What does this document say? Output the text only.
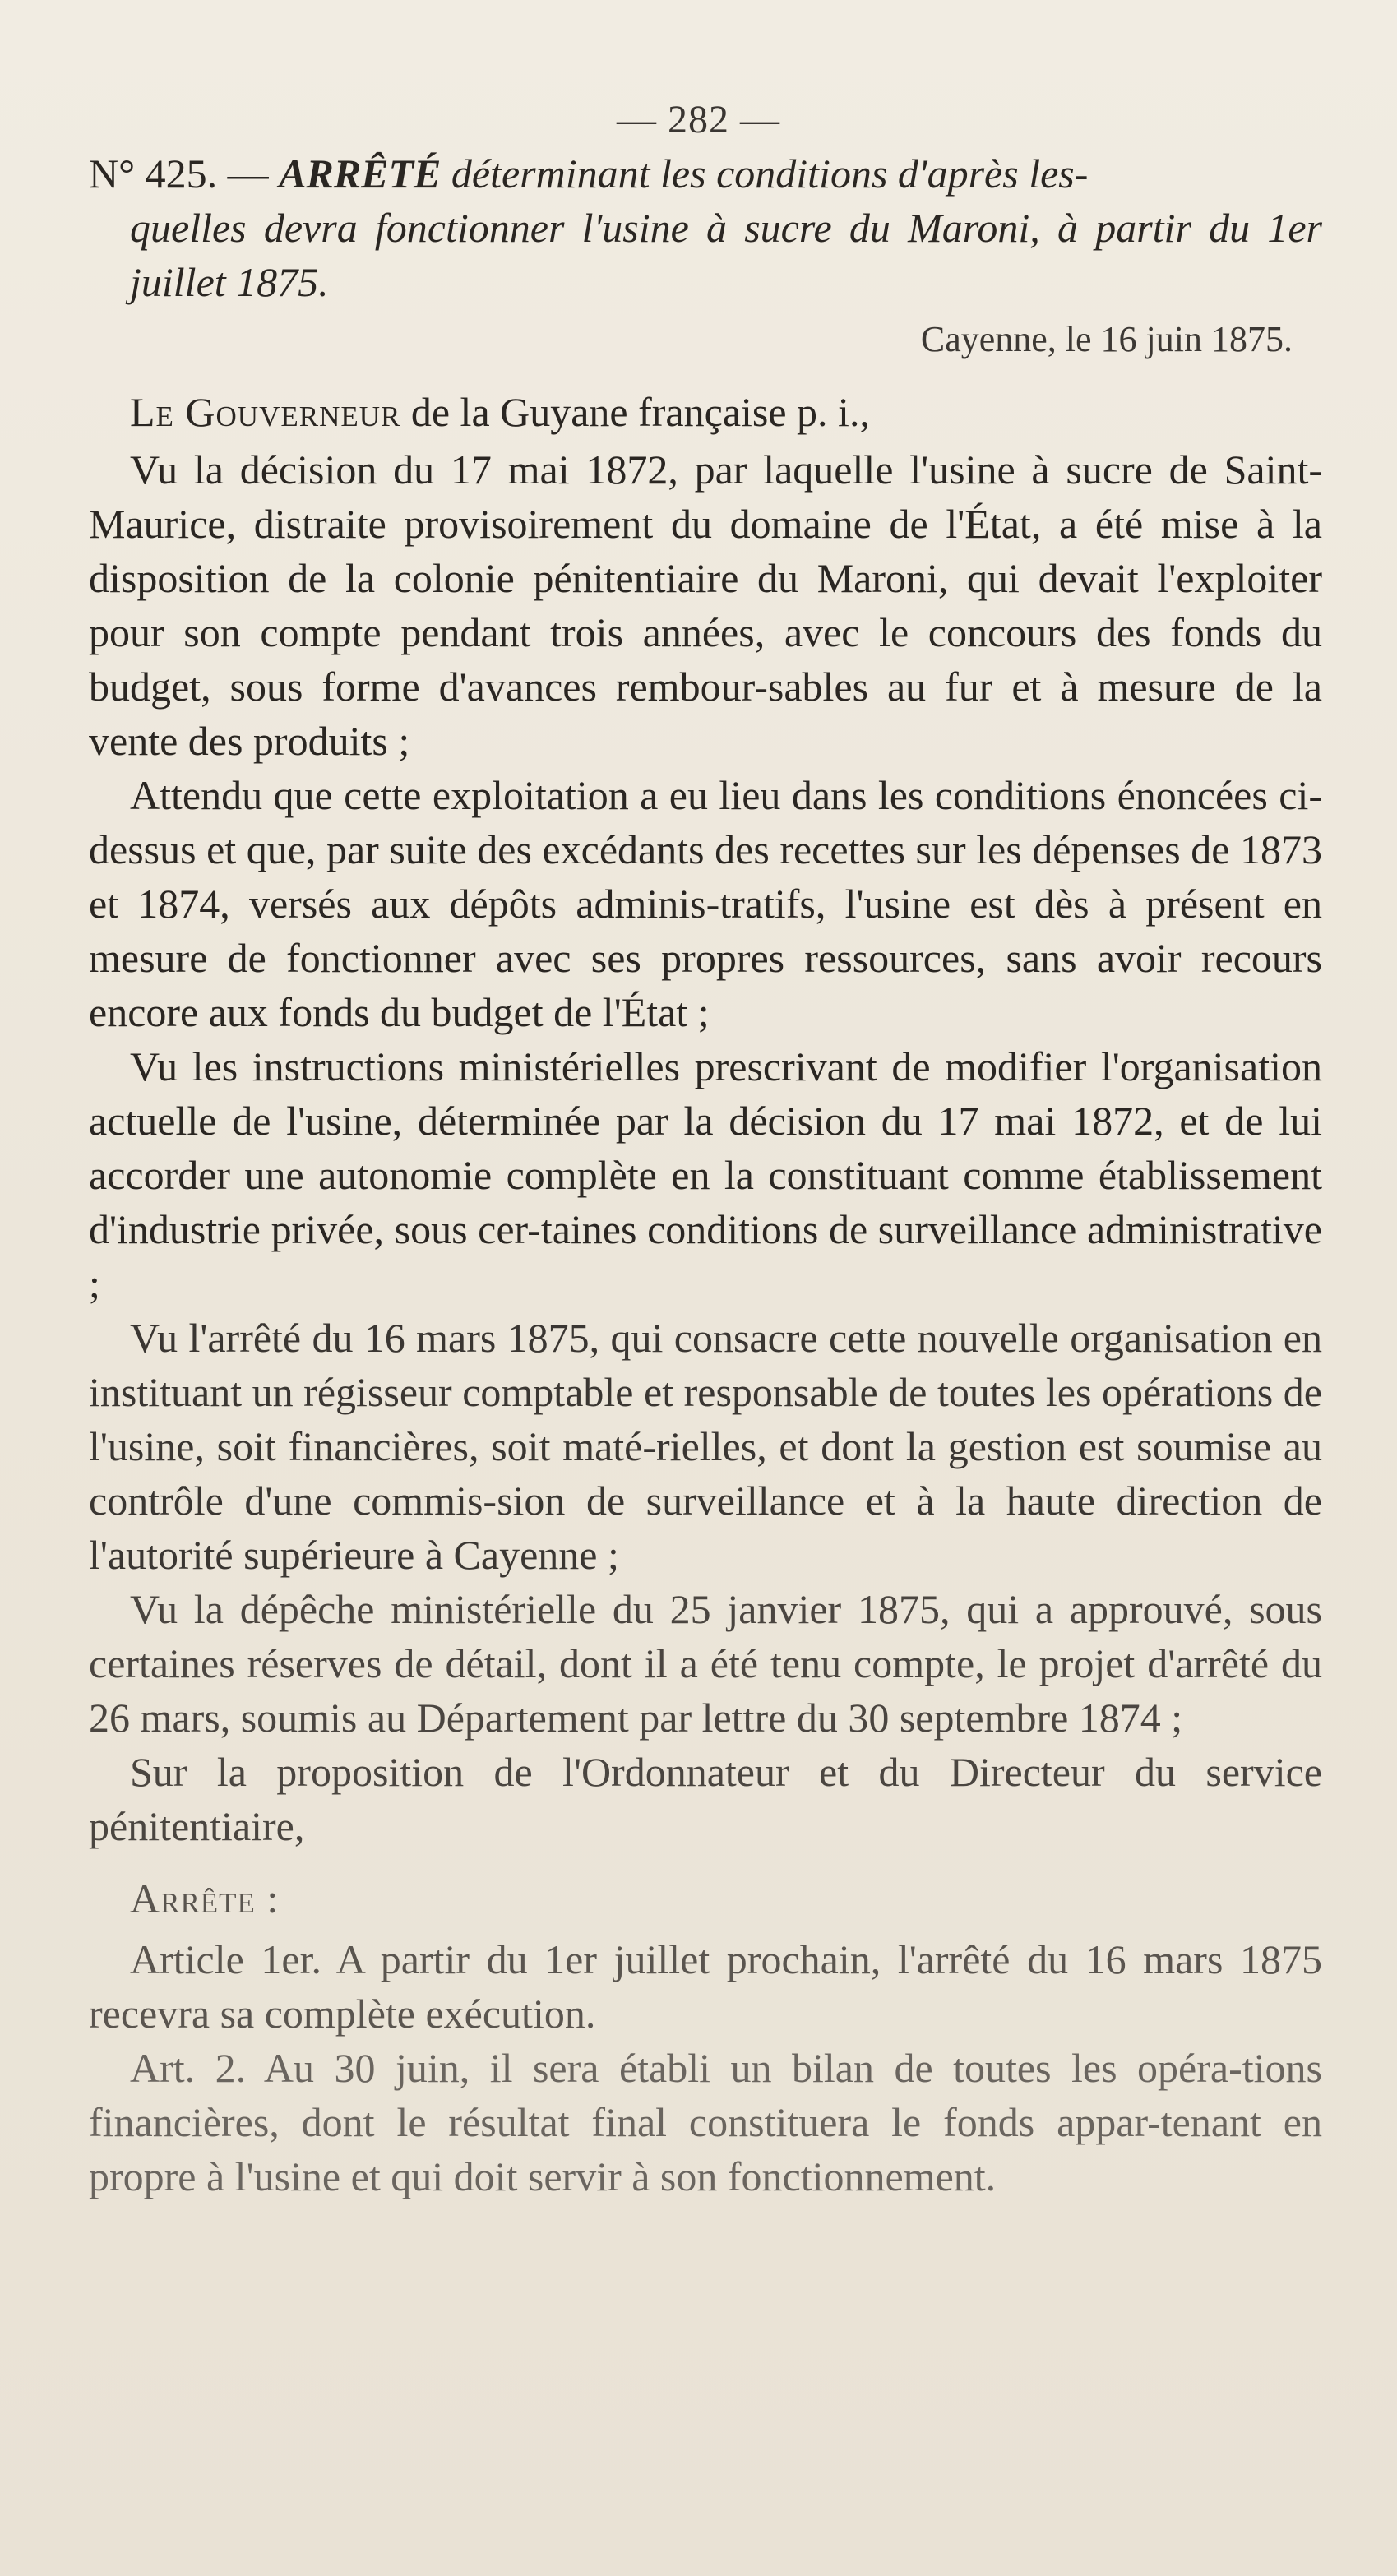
— 282 —

N° 425. — ARRÊTÉ déterminant les conditions d'après les-
quelles devra fonctionner l'usine à sucre du Maroni, à partir du 1er juillet 1875.

Cayenne, le 16 juin 1875.

Le Gouverneur de la Guyane française p. i.,

Vu la décision du 17 mai 1872, par laquelle l'usine à sucre de Saint-Maurice, distraite provisoirement du domaine de l'État, a été mise à la disposition de la colonie pénitentiaire du Maroni, qui devait l'exploiter pour son compte pendant trois années, avec le concours des fonds du budget, sous forme d'avances rembour-sables au fur et à mesure de la vente des produits ;

Attendu que cette exploitation a eu lieu dans les conditions énoncées ci-dessus et que, par suite des excédants des recettes sur les dépenses de 1873 et 1874, versés aux dépôts adminis-tratifs, l'usine est dès à présent en mesure de fonctionner avec ses propres ressources, sans avoir recours encore aux fonds du budget de l'État ;

Vu les instructions ministérielles prescrivant de modifier l'organisation actuelle de l'usine, déterminée par la décision du 17 mai 1872, et de lui accorder une autonomie complète en la constituant comme établissement d'industrie privée, sous cer-taines conditions de surveillance administrative ;

Vu l'arrêté du 16 mars 1875, qui consacre cette nouvelle organisation en instituant un régisseur comptable et responsable de toutes les opérations de l'usine, soit financières, soit maté-rielles, et dont la gestion est soumise au contrôle d'une commis-sion de surveillance et à la haute direction de l'autorité supérieure à Cayenne ;

Vu la dépêche ministérielle du 25 janvier 1875, qui a approuvé, sous certaines réserves de détail, dont il a été tenu compte, le projet d'arrêté du 26 mars, soumis au Département par lettre du 30 septembre 1874 ;

Sur la proposition de l'Ordonnateur et du Directeur du service pénitentiaire,

Arrête :

Article 1er. A partir du 1er juillet prochain, l'arrêté du 16 mars 1875 recevra sa complète exécution.

Art. 2. Au 30 juin, il sera établi un bilan de toutes les opéra-tions financières, dont le résultat final constituera le fonds appar-tenant en propre à l'usine et qui doit servir à son fonctionnement.
